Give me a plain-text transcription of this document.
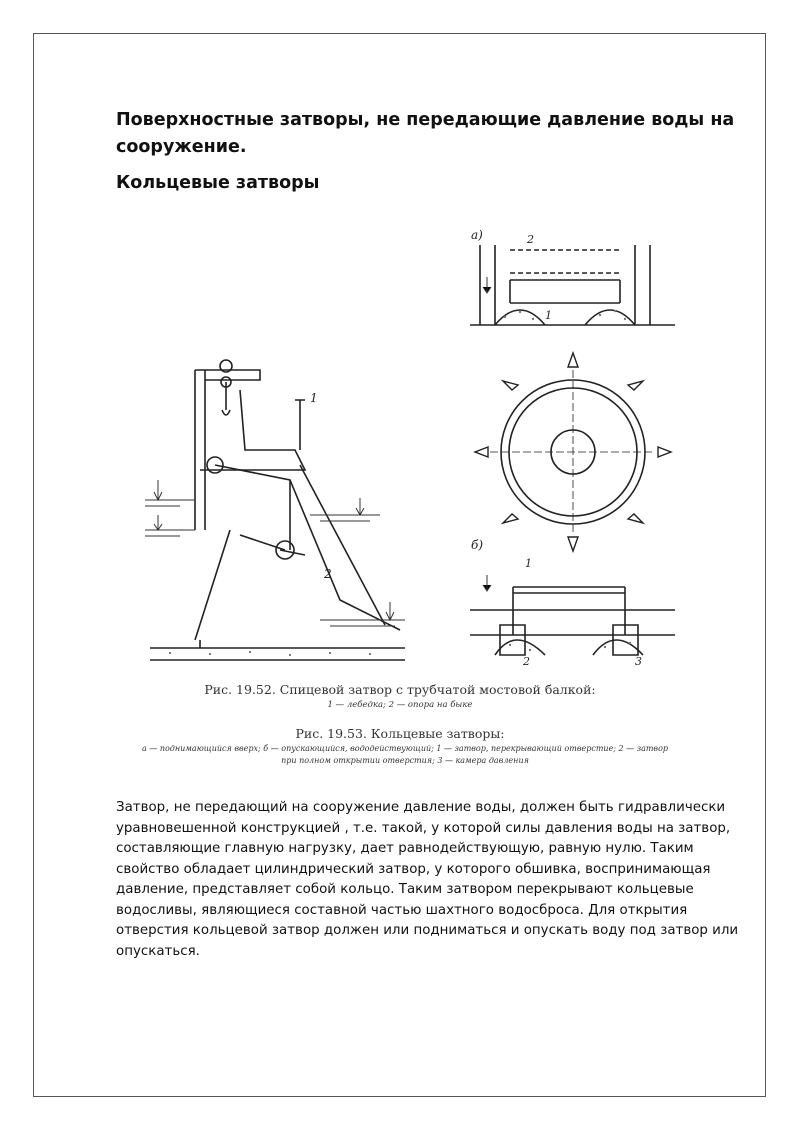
Поверхностные затворы, не передающие давление воды на сооружение.
Кольцевые затворы
1
2
а)	2
1
б)
1
2	3
Рис. 19.52. Спицевой затвор с трубчатой мостовой балкой:
1 — лебедка; 2 — опора на быке
Рис. 19.53. Кольцевые затворы:
а — поднимающийся вверх; б — опускающийся, вододействующий; 1 — затвор, перекрывающий отверстие; 2 — затвор при полном открытии отверстия; 3 — камера давления

Затвор, не передающий на сооружение давление воды, должен быть гидравлически уравновешенной конструкцией , т.е. такой, у которой силы давления воды на затвор, составляющие главную нагрузку, дает равнодействующую, равную нулю. Таким свойство обладает цилиндрический затвор, у которого обшивка, воспринимающая давление, представляет собой кольцо. Таким затвором перекрывают кольцевые водосливы, являющиеся составной частью шахтного водосброса. Для открытия отверстия кольцевой затвор должен или подниматься и опускать воду под затвор или опускаться.
